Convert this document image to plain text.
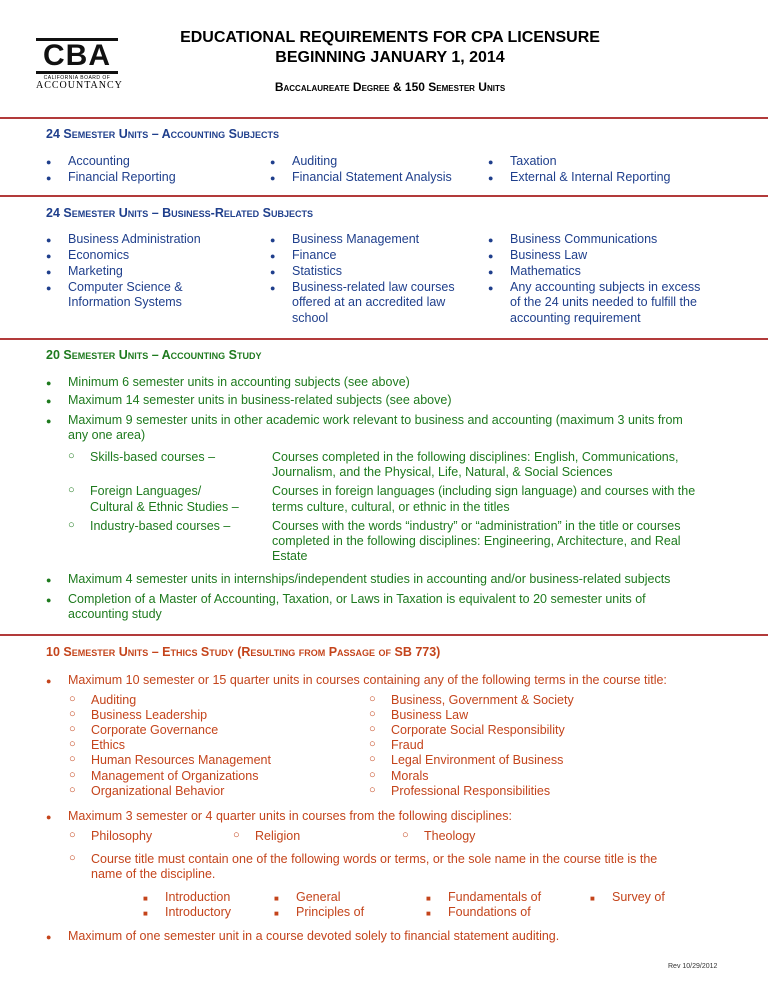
CBA
CALIFORNIA BOARD OF
ACCOUNTANCY
EDUCATIONAL REQUIREMENTS FOR CPA LICENSURE
BEGINNING JANUARY 1, 2014
Baccalaureate Degree & 150 Semester Units
24 Semester Units – Accounting Subjects
● Accounting
● Financial Reporting
● Auditing
● Financial Statement Analysis
● Taxation
● External & Internal Reporting
24 Semester Units – Business-Related Subjects
● Business Administration
● Economics
● Marketing
● Computer Science &
Information Systems
● Business Management
● Finance
● Statistics
● Business-related law courses
offered at an accredited law
school
● Business Communications
● Business Law
● Mathematics
● Any accounting subjects in excess
of the 24 units needed to fulfill the
accounting requirement
20 Semester Units – Accounting Study
● Minimum 6 semester units in accounting subjects (see above)
● Maximum 14 semester units in business-related subjects (see above)
● Maximum 9 semester units in other academic work relevant to business and accounting (maximum 3 units from
any one area)
○ Skills-based courses –	Courses completed in the following disciplines: English, Communications,
Journalism, and the Physical, Life, Natural, & Social Sciences
○ Foreign Languages/
Cultural & Ethnic Studies –
Courses in foreign languages (including sign language) and courses with the
terms culture, cultural, or ethnic in the titles
○ Industry-based courses –	Courses with the words “industry” or “administration” in the title or courses
completed in the following disciplines: Engineering, Architecture, and Real
Estate
● Maximum 4 semester units in internships/independent studies in accounting and/or business-related subjects
● Completion of a Master of Accounting, Taxation, or Laws in Taxation is equivalent to 20 semester units of
accounting study
10 Semester Units – Ethics Study (Resulting from Passage of SB 773)
● Maximum 10 semester or 15 quarter units in courses containing any of the following terms in the course title:
○ Auditing
○ Business Leadership
○ Corporate Governance
○ Ethics
○ Human Resources Management
○ Management of Organizations
○ Organizational Behavior
○ Business, Government & Society
○ Business Law
○ Corporate Social Responsibility
○ Fraud
○ Legal Environment of Business
○ Morals
○ Professional Responsibilities
● Maximum 3 semester or 4 quarter units in courses from the following disciplines:
○ Philosophy	○ Religion	○ Theology
○ Course title must contain one of the following words or terms, or the sole name in the course title is the
name of the discipline.
■ Introduction
■ Introductory
■ General
■ Principles of
■ Fundamentals of
■ Foundations of
■ Survey of
● Maximum of one semester unit in a course devoted solely to financial statement auditing.
Rev 10/29/2012
